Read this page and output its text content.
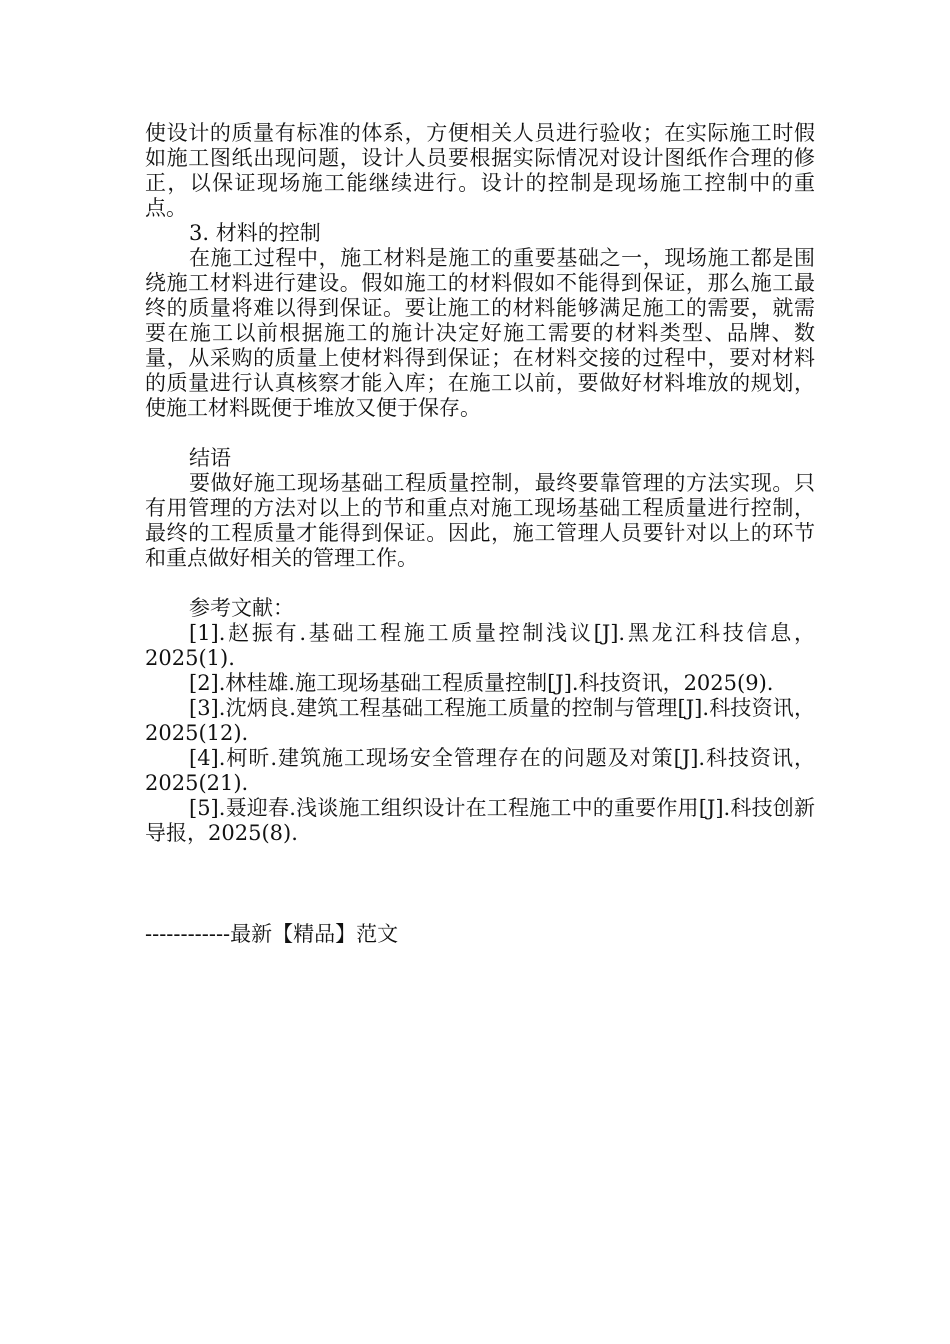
使设计的质量有标准的体系，方便相关人员进行验收；在实际施工时假如施工图纸出现问题，设计人员要根据实际情况对设计图纸作合理的修正，以保证现场施工能继续进行。设计的控制是现场施工控制中的重点。

3. 材料的控制

在施工过程中，施工材料是施工的重要基础之一，现场施工都是围绕施工材料进行建设。假如施工的材料假如不能得到保证，那么施工最终的质量将难以得到保证。要让施工的材料能够满足施工的需要，就需要在施工以前根据施工的施计决定好施工需要的材料类型、品牌、数量，从采购的质量上使材料得到保证；在材料交接的过程中，要对材料的质量进行认真核察才能入库；在施工以前，要做好材料堆放的规划，使施工材料既便于堆放又便于保存。

结语

要做好施工现场基础工程质量控制，最终要靠管理的方法实现。只有用管理的方法对以上的节和重点对施工现场基础工程质量进行控制，最终的工程质量才能得到保证。因此，施工管理人员要针对以上的环节和重点做好相关的管理工作。

参考文献：

[1].赵振有.基础工程施工质量控制浅议[J].黑龙江科技信息，2025(1).

[2].林桂雄.施工现场基础工程质量控制[J].科技资讯，2025(9).

[3].沈炳良.建筑工程基础工程施工质量的控制与管理[J].科技资讯，2025(12).

[4].柯昕.建筑施工现场安全管理存在的问题及对策[J].科技资讯，2025(21).

[5].聂迎春.浅谈施工组织设计在工程施工中的重要作用[J].科技创新导报，2025(8).

------------最新【精品】范文
